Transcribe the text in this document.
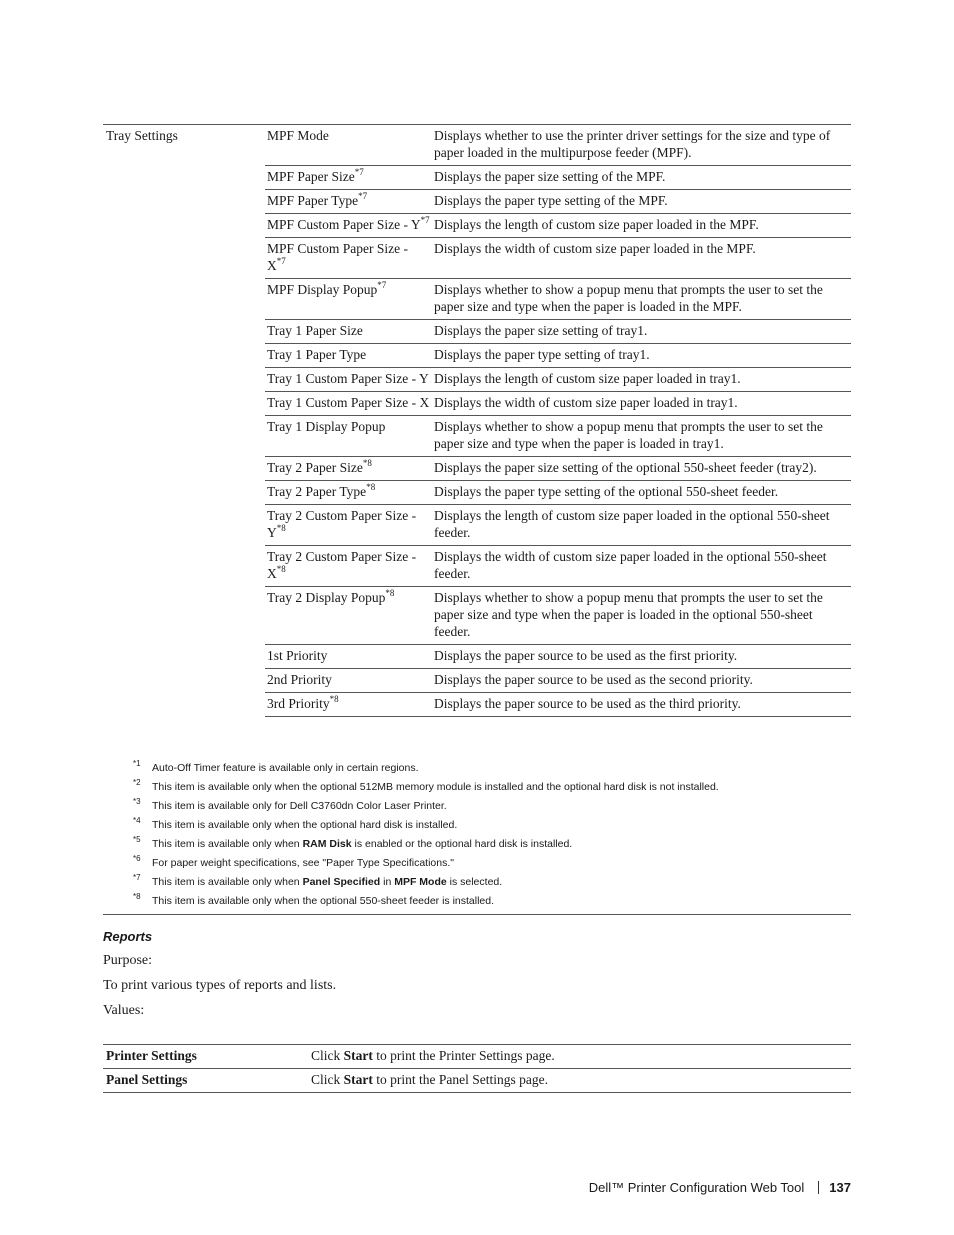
Tray Settings	MPF Mode	Displays whether to use the printer driver settings for the size and type of paper loaded in the multipurpose feeder (MPF).
	MPF Paper Size$^{*7}$	Displays the paper size setting of the MPF.
	MPF Paper Type$^{*7}$	Displays the paper type setting of the MPF.
	MPF Custom Paper Size - $Y^{*7}$	Displays the length of custom size paper loaded in the MPF.
	MPF Custom Paper Size - $X^{*7}$	Displays the width of custom size paper loaded in the MPF.
	MPF Display Popup$^{*7}$	Displays whether to show a popup menu that prompts the user to set the paper size and type when the paper is loaded in the MPF.
	Tray 1 Paper Size	Displays the paper size setting of tray1.
	Tray 1 Paper Type	Displays the paper type setting of tray1.
	Tray 1 Custom Paper Size - Y	Displays the length of custom size paper loaded in tray1.
	Tray 1 Custom Paper Size - X	Displays the width of custom size paper loaded in tray1.
	Tray 1 Display Popup	Displays whether to show a popup menu that prompts the user to set the paper size and type when the paper is loaded in tray1.
	Tray 2 Paper Size$^{*8}$	Displays the paper size setting of the optional 550-sheet feeder (tray2).
	Tray 2 Paper Type$^{*8}$	Displays the paper type setting of the optional 550-sheet feeder.
	Tray 2 Custom Paper Size - $Y^{*8}$	Displays the length of custom size paper loaded in the optional 550-sheet feeder.
	Tray 2 Custom Paper Size - $X^{*8}$	Displays the width of custom size paper loaded in the optional 550-sheet feeder.
	Tray 2 Display Popup$^{*8}$	Displays whether to show a popup menu that prompts the user to set the paper size and type when the paper is loaded in the optional 550-sheet feeder.
	1st Priority	Displays the paper source to be used as the first priority.
	2nd Priority	Displays the paper source to be used as the second priority.
	3rd Priority$^{*8}$	Displays the paper source to be used as the third priority.
*1 Auto-Off Timer feature is available only in certain regions.
*2 This item is available only when the optional 512MB memory module is installed and the optional hard disk is not installed.
*3 This item is available only for Dell C3760dn Color Laser Printer.
*4 This item is available only when the optional hard disk is installed.
*5 This item is available only when RAM Disk is enabled or the optional hard disk is installed.
*6 For paper weight specifications, see "Paper Type Specifications."
*7 This item is available only when Panel Specified in MPF Mode is selected.
*8 This item is available only when the optional 550-sheet feeder is installed.
Reports
Purpose:
To print various types of reports and lists.
Values:
Printer Settings	Click Start to print the Printer Settings page.
Panel Settings	Click Start to print the Panel Settings page.
Dell™ Printer Configuration Web Tool 137
